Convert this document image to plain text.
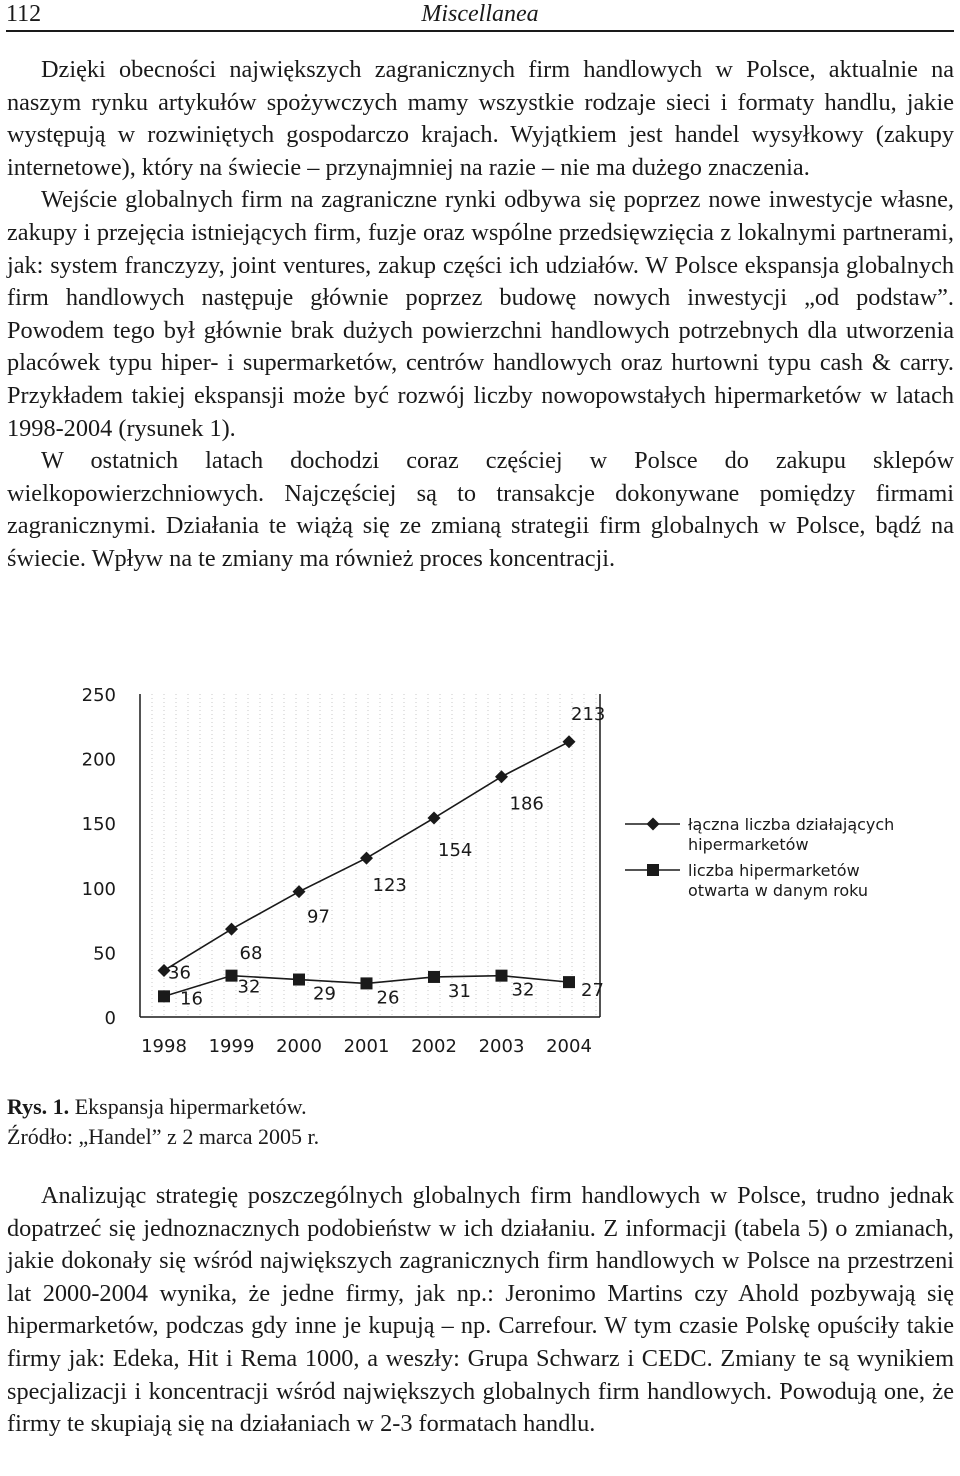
112	Miscellanea

Dzięki obecności największych zagranicznych firm handlowych w Polsce, aktualnie na naszym rynku artykułów spożywczych mamy wszystkie rodzaje sieci i formaty handlu, jakie występują w rozwiniętych gospodarczo krajach. Wyjątkiem jest handel wysyłkowy (zakupy internetowe), który na świecie – przynajmniej na razie – nie ma dużego znaczenia.

Wejście globalnych firm na zagraniczne rynki odbywa się poprzez nowe inwestycje własne, zakupy i przejęcia istniejących firm, fuzje oraz wspólne przedsięwzięcia z lokalnymi partnerami, jak: system franczyzy, joint ventures, zakup części ich udziałów. W Polsce ekspansja globalnych firm handlowych następuje głównie poprzez budowę nowych inwestycji „od podstaw”. Powodem tego był głównie brak dużych powierzchni handlowych potrzebnych dla utworzenia placówek typu hiper- i supermarketów, centrów handlowych oraz hurtowni typu cash & carry. Przykładem takiej ekspansji może być rozwój liczby nowopowstałych hipermarketów w latach 1998-2004 (rysunek 1).

W ostatnich latach dochodzi coraz częściej w Polsce do zakupu sklepów wielkopowierzchniowych. Najczęściej są to transakcje dokonywane pomiędzy firmami zagranicznymi. Działania te wiążą się ze zmianą strategii firm globalnych w Polsce, bądź na świecie. Wpływ na te zmiany ma również proces koncentracji.

0
50
100
150
200
250
1998 1999 2000 2001 2002 2003 2004
36
68
97
123
154
186
213
16
32	29 26	31 32	27
łączna liczba działających
hipermarketów
liczba hipermarketów
otwarta w danym roku
Rys. 1. Ekspansja hipermarketów.
Źródło: „Handel” z 2 marca 2005 r.

Analizując strategię poszczególnych globalnych firm handlowych w Polsce, trudno jednak dopatrzeć się jednoznacznych podobieństw w ich działaniu. Z informacji (tabela 5) o zmianach, jakie dokonały się wśród największych zagranicznych firm handlowych w Polsce na przestrzeni lat 2000-2004 wynika, że jedne firmy, jak np.: Jeronimo Martins czy Ahold pozbywają się hipermarketów, podczas gdy inne je kupują – np. Carrefour. W tym czasie Polskę opuściły takie firmy jak: Edeka, Hit i Rema 1000, a weszły: Grupa Schwarz i CEDC. Zmiany te są wynikiem specjalizacji i koncentracji wśród największych globalnych firm handlowych. Powodują one, że firmy te skupiają się na działaniach w 2-3 formatach handlu.
